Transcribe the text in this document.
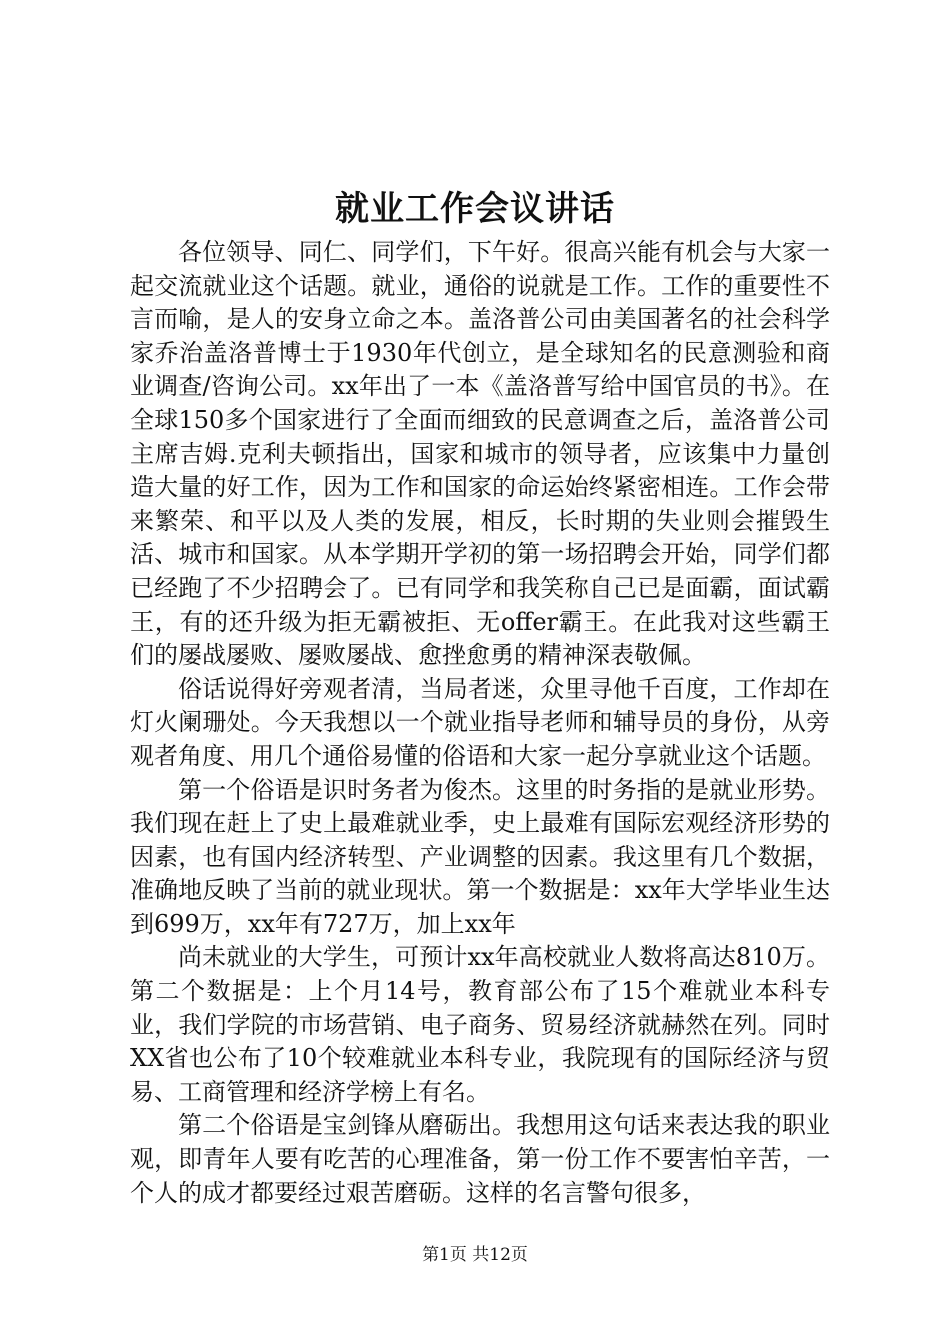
就业工作会议讲话

各位领导、同仁、同学们，下午好。很高兴能有机会与大家一起交流就业这个话题。就业，通俗的说就是工作。工作的重要性不言而喻，是人的安身立命之本。盖洛普公司由美国著名的社会科学家乔治盖洛普博士于1930年代创立，是全球知名的民意测验和商业调查/咨询公司。xx年出了一本《盖洛普写给中国官员的书》。在全球150多个国家进行了全面而细致的民意调查之后，盖洛普公司主席吉姆.克利夫顿指出，国家和城市的领导者，应该集中力量创造大量的好工作，因为工作和国家的命运始终紧密相连。工作会带来繁荣、和平以及人类的发展，相反，长时期的失业则会摧毁生活、城市和国家。从本学期开学初的第一场招聘会开始，同学们都已经跑了不少招聘会了。已有同学和我笑称自己已是面霸，面试霸王，有的还升级为拒无霸被拒、无offer霸王。在此我对这些霸王们的屡战屡败、屡败屡战、愈挫愈勇的精神深表敬佩。

俗话说得好旁观者清，当局者迷，众里寻他千百度，工作却在灯火阑珊处。今天我想以一个就业指导老师和辅导员的身份，从旁观者角度、用几个通俗易懂的俗语和大家一起分享就业这个话题。

第一个俗语是识时务者为俊杰。这里的时务指的是就业形势。我们现在赶上了史上最难就业季，史上最难有国际宏观经济形势的因素，也有国内经济转型、产业调整的因素。我这里有几个数据，准确地反映了当前的就业现状。第一个数据是：xx年大学毕业生达到699万，xx年有727万，加上xx年

尚未就业的大学生，可预计xx年高校就业人数将高达810万。第二个数据是：上个月14号，教育部公布了15个难就业本科专业，我们学院的市场营销、电子商务、贸易经济就赫然在列。同时XX省也公布了10个较难就业本科专业，我院现有的国际经济与贸易、工商管理和经济学榜上有名。

第二个俗语是宝剑锋从磨砺出。我想用这句话来表达我的职业观，即青年人要有吃苦的心理准备，第一份工作不要害怕辛苦，一个人的成才都要经过艰苦磨砺。这样的名言警句很多，

第1页 共12页
